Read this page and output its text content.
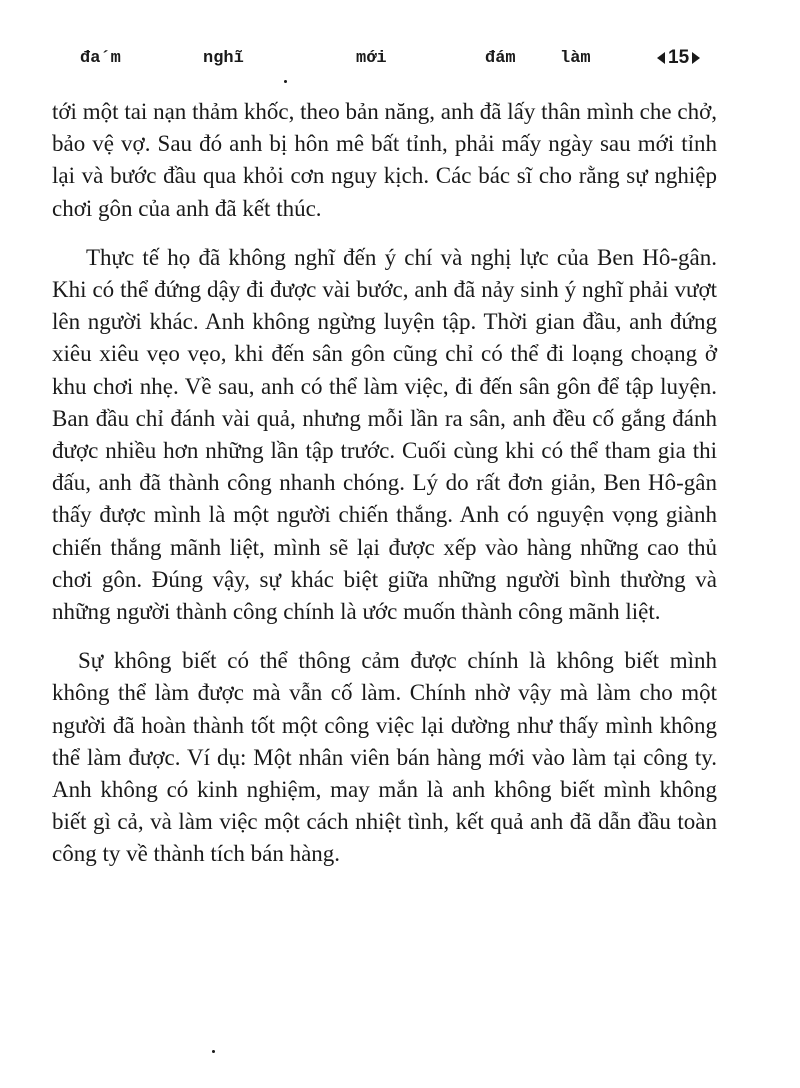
đa´m	nghĩ	mới	đám	làm	15

tới một tai nạn thảm khốc, theo bản năng, anh đã lấy thân mình che chở, bảo vệ vợ. Sau đó anh bị hôn mê bất tỉnh, phải mấy ngày sau mới tỉnh lại và bước đầu qua khỏi cơn nguy kịch. Các bác sĩ cho rằng sự nghiệp chơi gôn của anh đã kết thúc.

Thực tế họ đã không nghĩ đến ý chí và nghị lực của Ben Hô-gân. Khi có thể đứng dậy đi được vài bước, anh đã nảy sinh ý nghĩ phải vượt lên người khác. Anh không ngừng luyện tập. Thời gian đầu, anh đứng xiêu xiêu vẹo vẹo, khi đến sân gôn cũng chỉ có thể đi loạng choạng ở khu chơi nhẹ. Về sau, anh có thể làm việc, đi đến sân gôn để tập luyện. Ban đầu chỉ đánh vài quả, nhưng mỗi lần ra sân, anh đều cố gắng đánh được nhiều hơn những lần tập trước. Cuối cùng khi có thể tham gia thi đấu, anh đã thành công nhanh chóng. Lý do rất đơn giản, Ben Hô-gân thấy được mình là một người chiến thắng. Anh có nguyện vọng giành chiến thắng mãnh liệt, mình sẽ lại được xếp vào hàng những cao thủ chơi gôn. Đúng vậy, sự khác biệt giữa những người bình thường và những người thành công chính là ước muốn thành công mãnh liệt.

Sự không biết có thể thông cảm được chính là không biết mình không thể làm được mà vẫn cố làm. Chính nhờ vậy mà làm cho một người đã hoàn thành tốt một công việc lại dường như thấy mình không thể làm được. Ví dụ: Một nhân viên bán hàng mới vào làm tại công ty. Anh không có kinh nghiệm, may mắn là anh không biết mình không biết gì cả, và làm việc một cách nhiệt tình, kết quả anh đã dẫn đầu toàn công ty về thành tích bán hàng.
